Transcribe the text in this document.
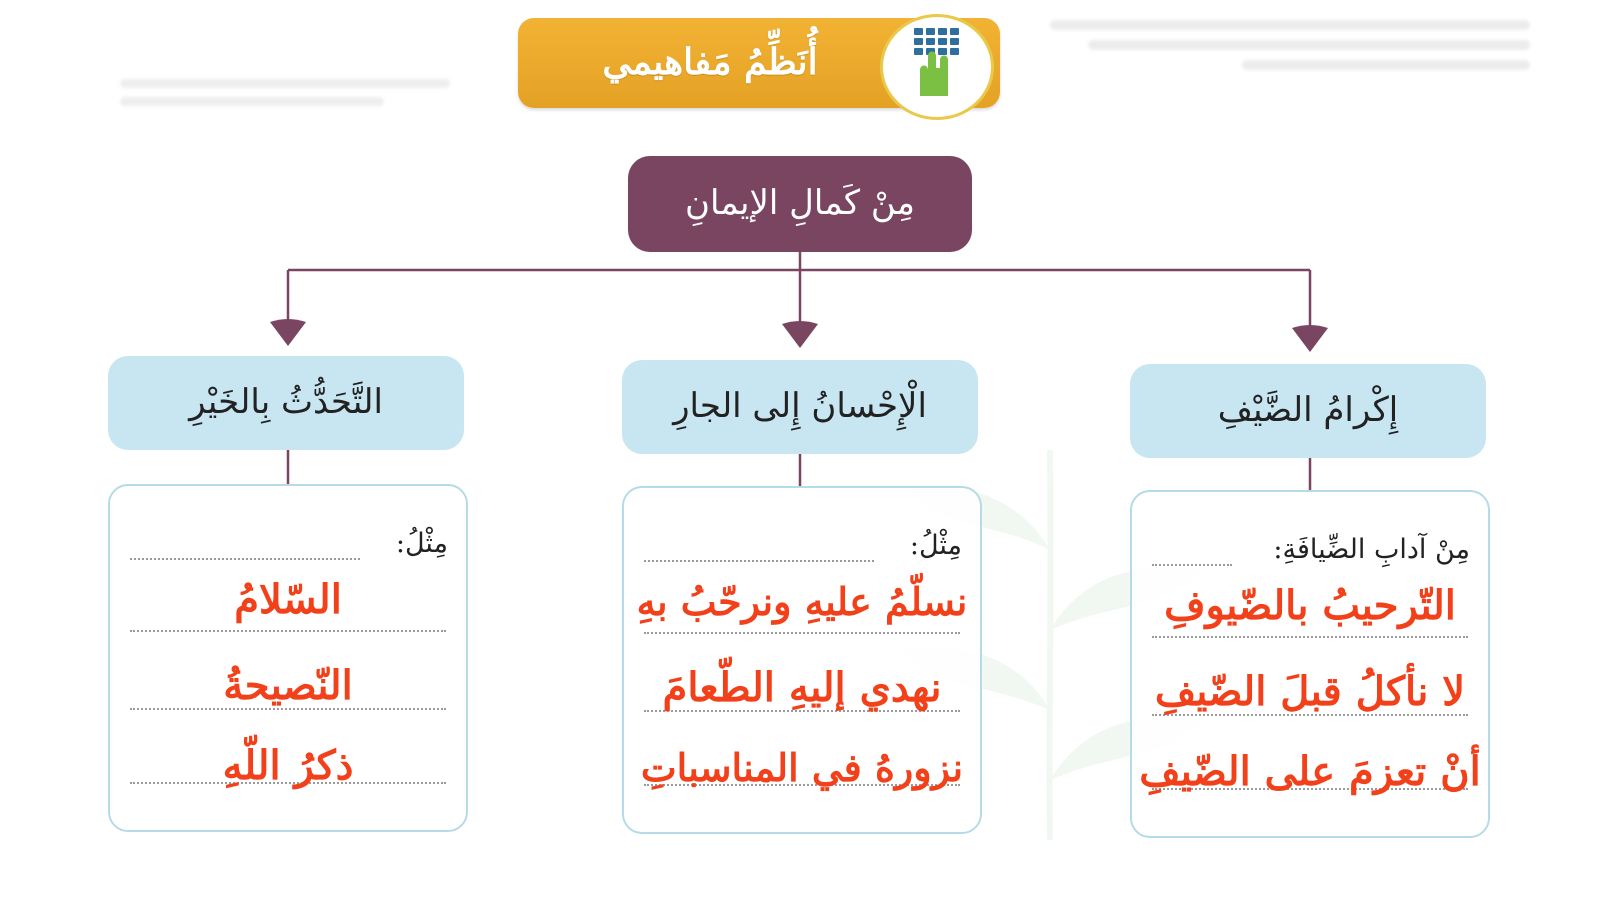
أُنَظِّمُ مَفاهيمي
مِنْ كَمالِ الإيمانِ
إِكْرامُ الضَّيْفِ
الْإِحْسانُ إِلى الجارِ
التَّحَدُّثُ بِالخَيْرِ
مِنْ آدابِ الضِّيافَةِ:
التّرحيبُ بالضّيوفِ
لا نأكلُ قبلَ الضّيفِ
أنْ تعزمَ على الضّيفِ
مِثْلُ:
نسلّمُ عليهِ ونرحّبُ بهِ
نهدي إليهِ الطّعامَ
نزورهُ في المناسباتِ
مِثْلُ:
السّلامُ
النّصيحةُ
ذكرُ اللّهِ
